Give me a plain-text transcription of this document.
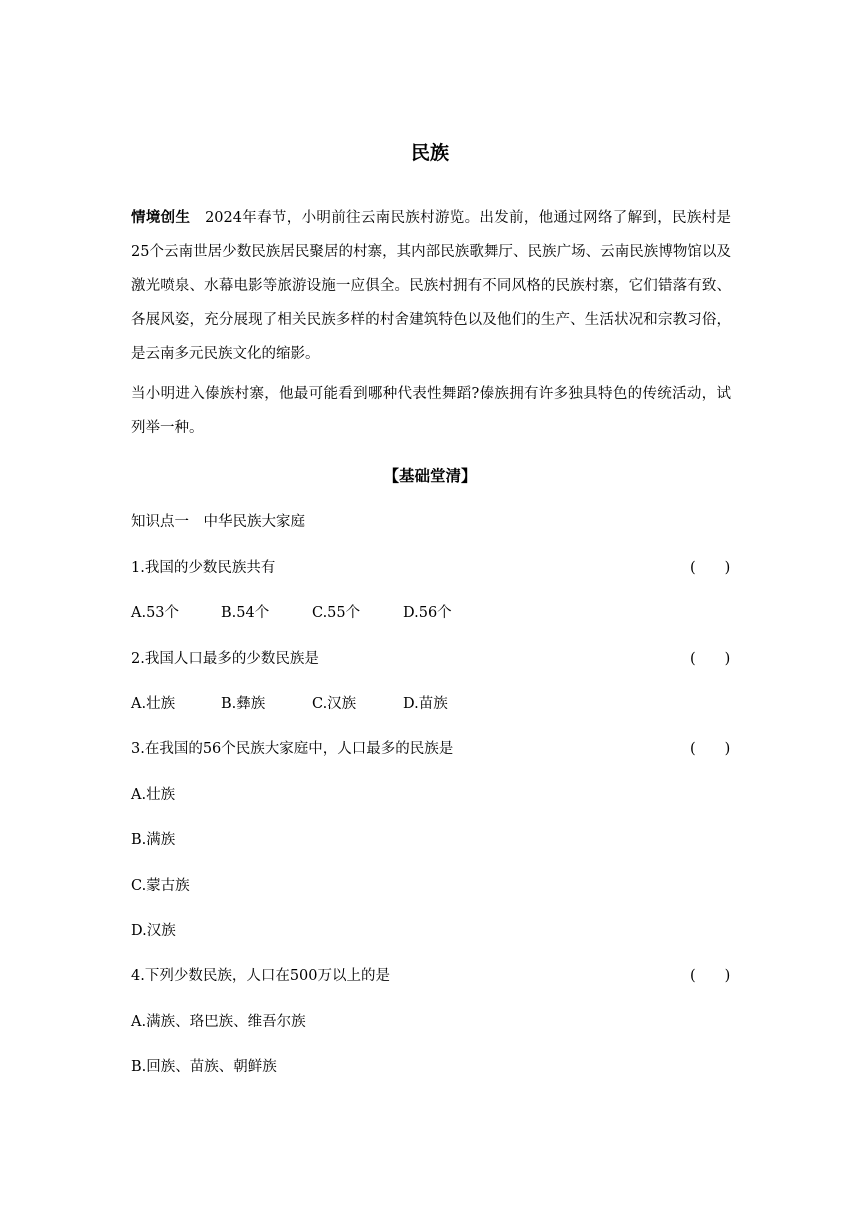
民族

情境创生 2024年春节，小明前往云南民族村游览。出发前，他通过网络了解到，民族村是25个云南世居少数民族居民聚居的村寨，其内部民族歌舞厅、民族广场、云南民族博物馆以及激光喷泉、水幕电影等旅游设施一应俱全。民族村拥有不同风格的民族村寨，它们错落有致、各展风姿，充分展现了相关民族多样的村舍建筑特色以及他们的生产、生活状况和宗教习俗，是云南多元民族文化的缩影。

当小明进入傣族村寨，他最可能看到哪种代表性舞蹈?傣族拥有许多独具特色的传统活动，试列举一种。

【基础堂清】

知识点一　中华民族大家庭

1.我国的少数民族共有	(　　)
A.53个	B.54个	C.55个	D.56个

2.我国人口最多的少数民族是	(　　)
A.壮族	B.彝族	C.汉族	D.苗族

3.在我国的56个民族大家庭中，人口最多的民族是	(　　)

A.壮族

B.满族

C.蒙古族

D.汉族

4.下列少数民族，人口在500万以上的是	(　　)

A.满族、珞巴族、维吾尔族

B.回族、苗族、朝鲜族
